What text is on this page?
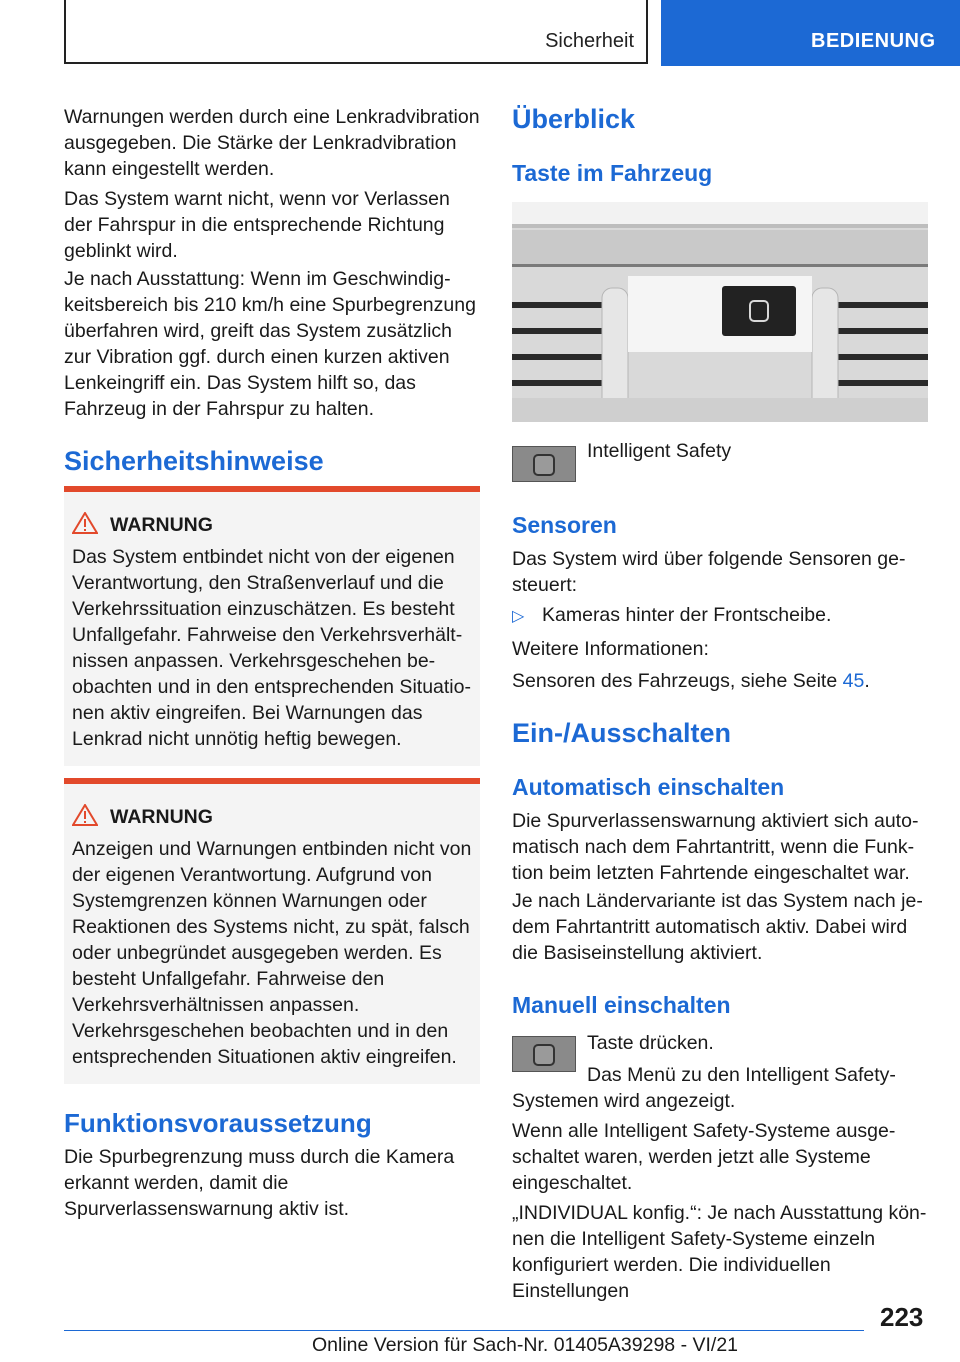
Sicherheit	BEDIENUNG

Warnungen werden durch eine Lenkradvibration ausgegeben. Die Stärke der Lenkradvibration kann eingestellt werden.

Das System warnt nicht, wenn vor Verlassen der Fahrspur in die entsprechende Richtung geblinkt wird.

Je nach Ausstattung: Wenn im Geschwindigkeitsbereich bis 210 km/h eine Spurbegrenzung überfahren wird, greift das System zusätzlich zur Vibration ggf. durch einen kurzen aktiven Lenkeingriff ein. Das System hilft so, das Fahrzeug in der Fahrspur zu halten.

Sicherheitshinweise
WARNUNG

Das System entbindet nicht von der eigenen Verantwortung, den Straßenverlauf und die Verkehrssituation einzuschätzen. Es besteht Unfallgefahr. Fahrweise den Verkehrsverhältnissen anpassen. Verkehrsgeschehen beobachten und in den entsprechenden Situationen aktiv eingreifen. Bei Warnungen das Lenkrad nicht unnötig heftig bewegen.

WARNUNG

Anzeigen und Warnungen entbinden nicht von der eigenen Verantwortung. Aufgrund von Systemgrenzen können Warnungen oder Reaktionen des Systems nicht, zu spät, falsch oder unbegründet ausgegeben werden. Es besteht Unfallgefahr. Fahrweise den Verkehrsverhältnissen anpassen. Verkehrsgeschehen beobachten und in den entsprechenden Situationen aktiv eingreifen.

Funktionsvoraussetzung

Die Spurbegrenzung muss durch die Kamera erkannt werden, damit die Spurverlassenswarnung aktiv ist.

Überblick
Taste im Fahrzeug

Intelligent Safety

Sensoren

Das System wird über folgende Sensoren gesteuert:

▷ Kameras hinter der Frontscheibe.

Weitere Informationen:

Sensoren des Fahrzeugs, siehe Seite 45.

Ein-/Ausschalten
Automatisch einschalten

Die Spurverlassenswarnung aktiviert sich automatisch nach dem Fahrtantritt, wenn die Funktion beim letzten Fahrtende eingeschaltet war.

Je nach Ländervariante ist das System nach jedem Fahrtantritt automatisch aktiv. Dabei wird die Basiseinstellung aktiviert.

Manuell einschalten

Taste drücken.

Das Menü zu den Intelligent Safety-Systemen wird angezeigt.

Wenn alle Intelligent Safety-Systeme ausgeschaltet waren, werden jetzt alle Systeme eingeschaltet.

„INDIVIDUAL konfig.“: Je nach Ausstattung können die Intelligent Safety-Systeme einzeln konfiguriert werden. Die individuellen Einstellungen

223
Online Version für Sach-Nr. 01405A39298 - VI/21
